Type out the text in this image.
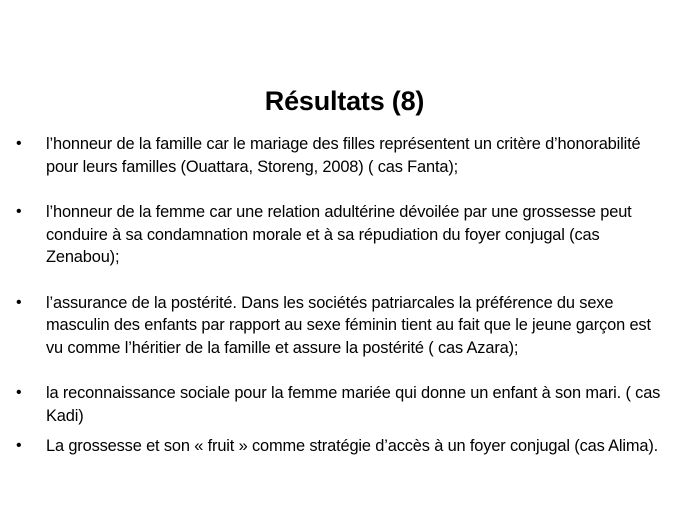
Résultats (8)
•	l’honneur de la famille car le mariage des filles représentent un critère d’honorabilité pour leurs familles (Ouattara, Storeng, 2008) ( cas Fanta);
•	l’honneur de la femme car une relation adultérine dévoilée par une grossesse peut conduire à sa condamnation morale et à sa répudiation du foyer conjugal (cas Zenabou);
•	l’assurance de la postérité. Dans les sociétés patriarcales la préférence du sexe masculin des enfants par rapport au sexe féminin tient au fait que le jeune garçon est vu comme l’héritier de la famille et assure la postérité ( cas Azara);
•	la reconnaissance sociale pour la femme mariée qui donne un enfant à son mari. ( cas Kadi)
•	La grossesse et son « fruit » comme stratégie d’accès à un foyer conjugal (cas Alima).
